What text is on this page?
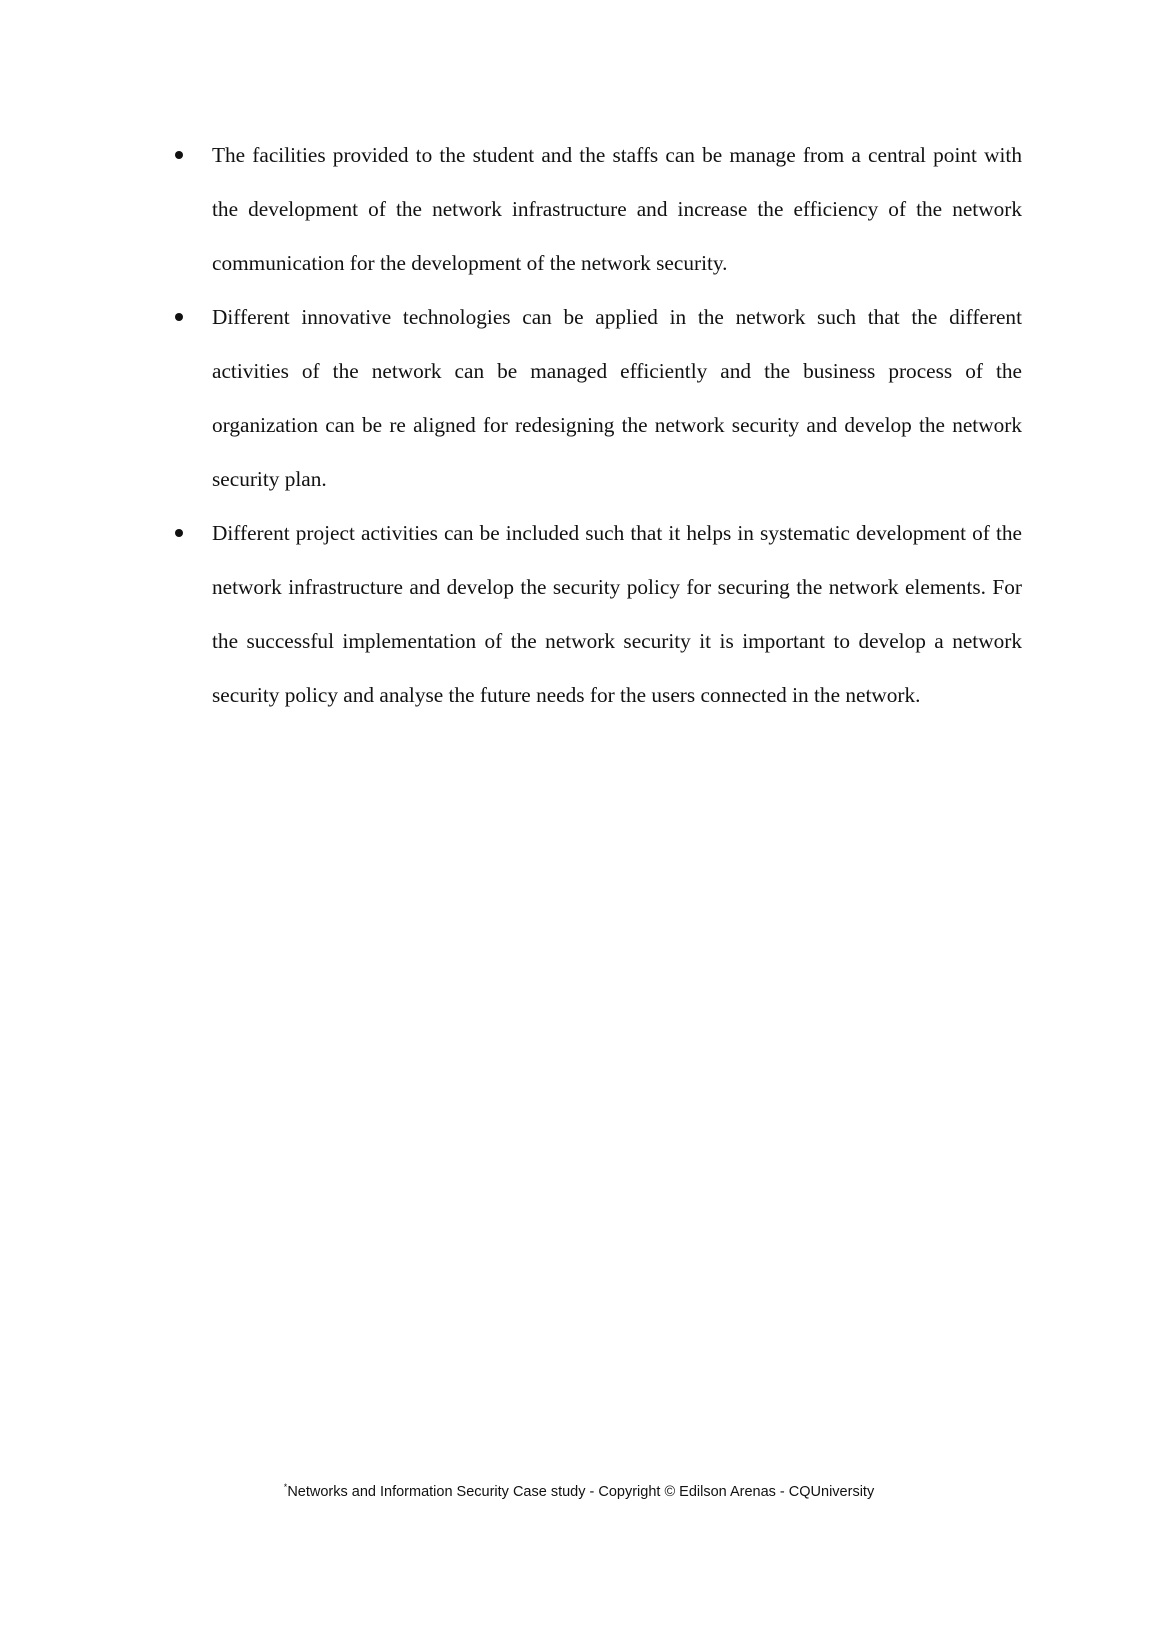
The facilities provided to the student and the staffs can be manage from a central point with the development of the network infrastructure and increase the efficiency of the network communication for the development of the network security.
Different innovative technologies can be applied in the network such that the different activities of the network can be managed efficiently and the business process of the organization can be re aligned for redesigning the network security and develop the network security plan.
Different project activities can be included such that it helps in systematic development of the network infrastructure and develop the security policy for securing the network elements. For the successful implementation of the network security it is important to develop a network security policy and analyse the future needs for the users connected in the network.
*Networks and Information Security Case study - Copyright © Edilson Arenas - CQUniversity
